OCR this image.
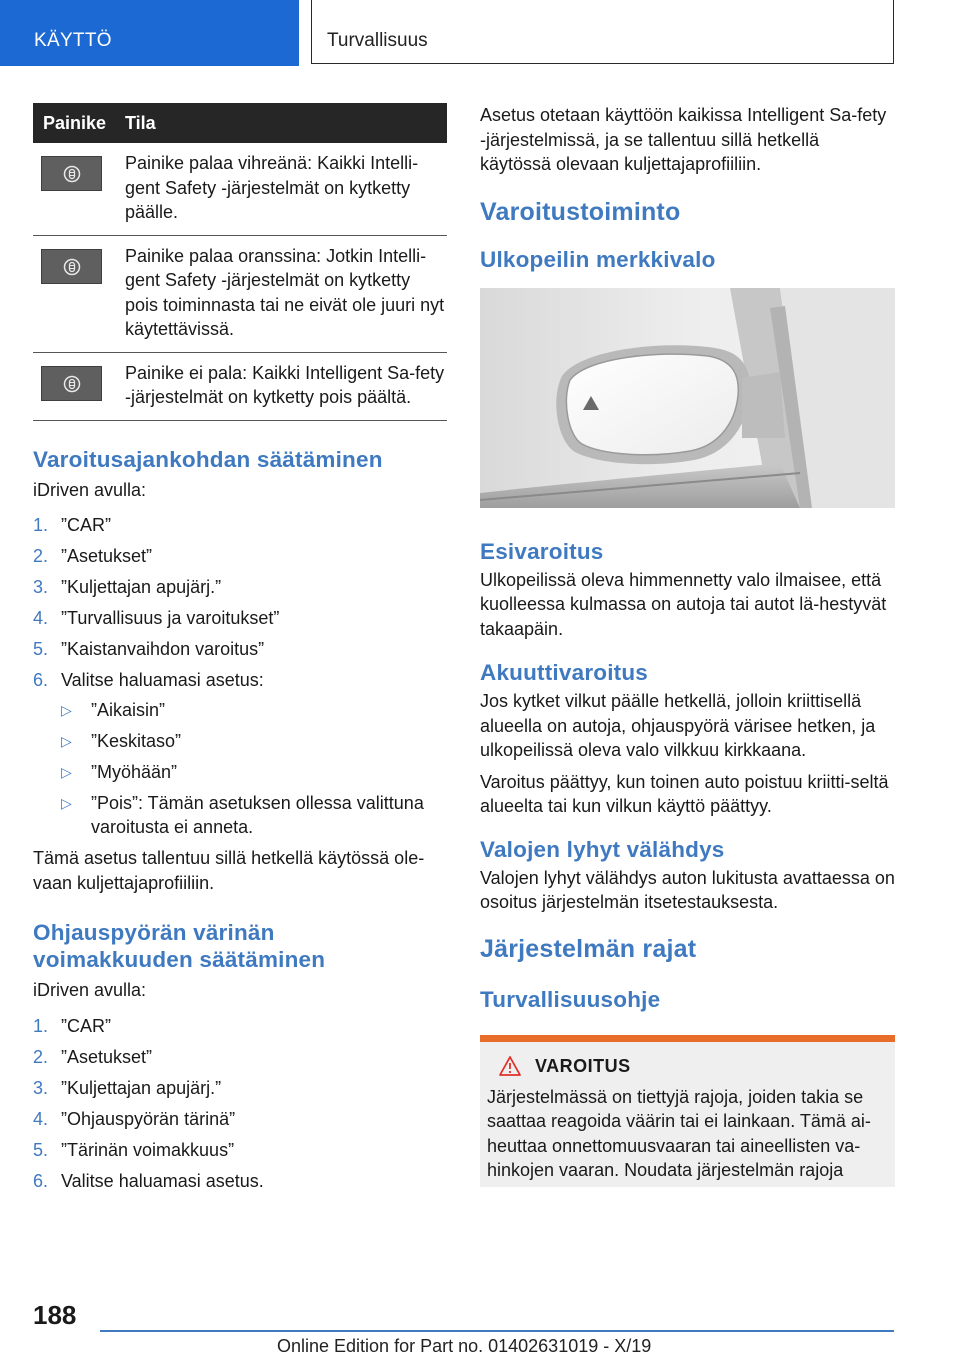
KÄYTTÖ	Turvallisuus
Painike	Tila

	Painike palaa vihreänä: Kaikki Intelli-gent Safety -järjestelmät on kytketty päälle.

	Painike palaa oranssina: Jotkin Intelli-gent Safety -järjestelmät on kytketty pois toiminnasta tai ne eivät ole juuri nyt käytettävissä.

	Painike ei pala: Kaikki Intelligent Sa-fety -järjestelmät on kytketty pois päältä.
Varoitusajankohdan säätäminen

iDriven avulla:

1. ”CAR”
2. ”Asetukset”
3. ”Kuljettajan apujärj.”
4. ”Turvallisuus ja varoitukset”
5. ”Kaistanvaihdon varoitus”
6. Valitse haluamasi asetus:
▷ ”Aikaisin”
▷ ”Keskitaso”
▷ ”Myöhään”
▷ ”Pois”: Tämän asetuksen ollessa valittuna varoitusta ei anneta.

Tämä asetus tallentuu sillä hetkellä käytössä ole-vaan kuljettajaprofiiliin.

Ohjauspyörän värinän voimakkuuden säätäminen

iDriven avulla:

1. ”CAR”
2. ”Asetukset”
3. ”Kuljettajan apujärj.”
4. ”Ohjauspyörän tärinä”
5. ”Tärinän voimakkuus”
6. Valitse haluamasi asetus.

Asetus otetaan käyttöön kaikissa Intelligent Sa-fety -järjestelmissä, ja se tallentuu sillä hetkellä käytössä olevaan kuljettajaprofiiliin.

Varoitustoiminto
Ulkopeilin merkkivalo
Esivaroitus

Ulkopeilissä oleva himmennetty valo ilmaisee, että kuolleessa kulmassa on autoja tai autot lä-hestyvät takaapäin.

Akuuttivaroitus

Jos kytket vilkut päälle hetkellä, jolloin kriittisellä alueella on autoja, ohjauspyörä värisee hetken, ja ulkopeilissä oleva valo vilkkuu kirkkaana.

Varoitus päättyy, kun toinen auto poistuu kriitti-seltä alueelta tai kun vilkun käyttö päättyy.

Valojen lyhyt välähdys

Valojen lyhyt välähdys auton lukitusta avattaessa on osoitus järjestelmän itsetestauksesta.

Järjestelmän rajat
Turvallisuusohje
VAROITUS

Järjestelmässä on tiettyjä rajoja, joiden takia se saattaa reagoida väärin tai ei lainkaan. Tämä ai-heuttaa onnettomuusvaaran tai aineellisten va-hinkojen vaaran. Noudata järjestelmän rajoja

188
Online Edition for Part no. 01402631019 - X/19
